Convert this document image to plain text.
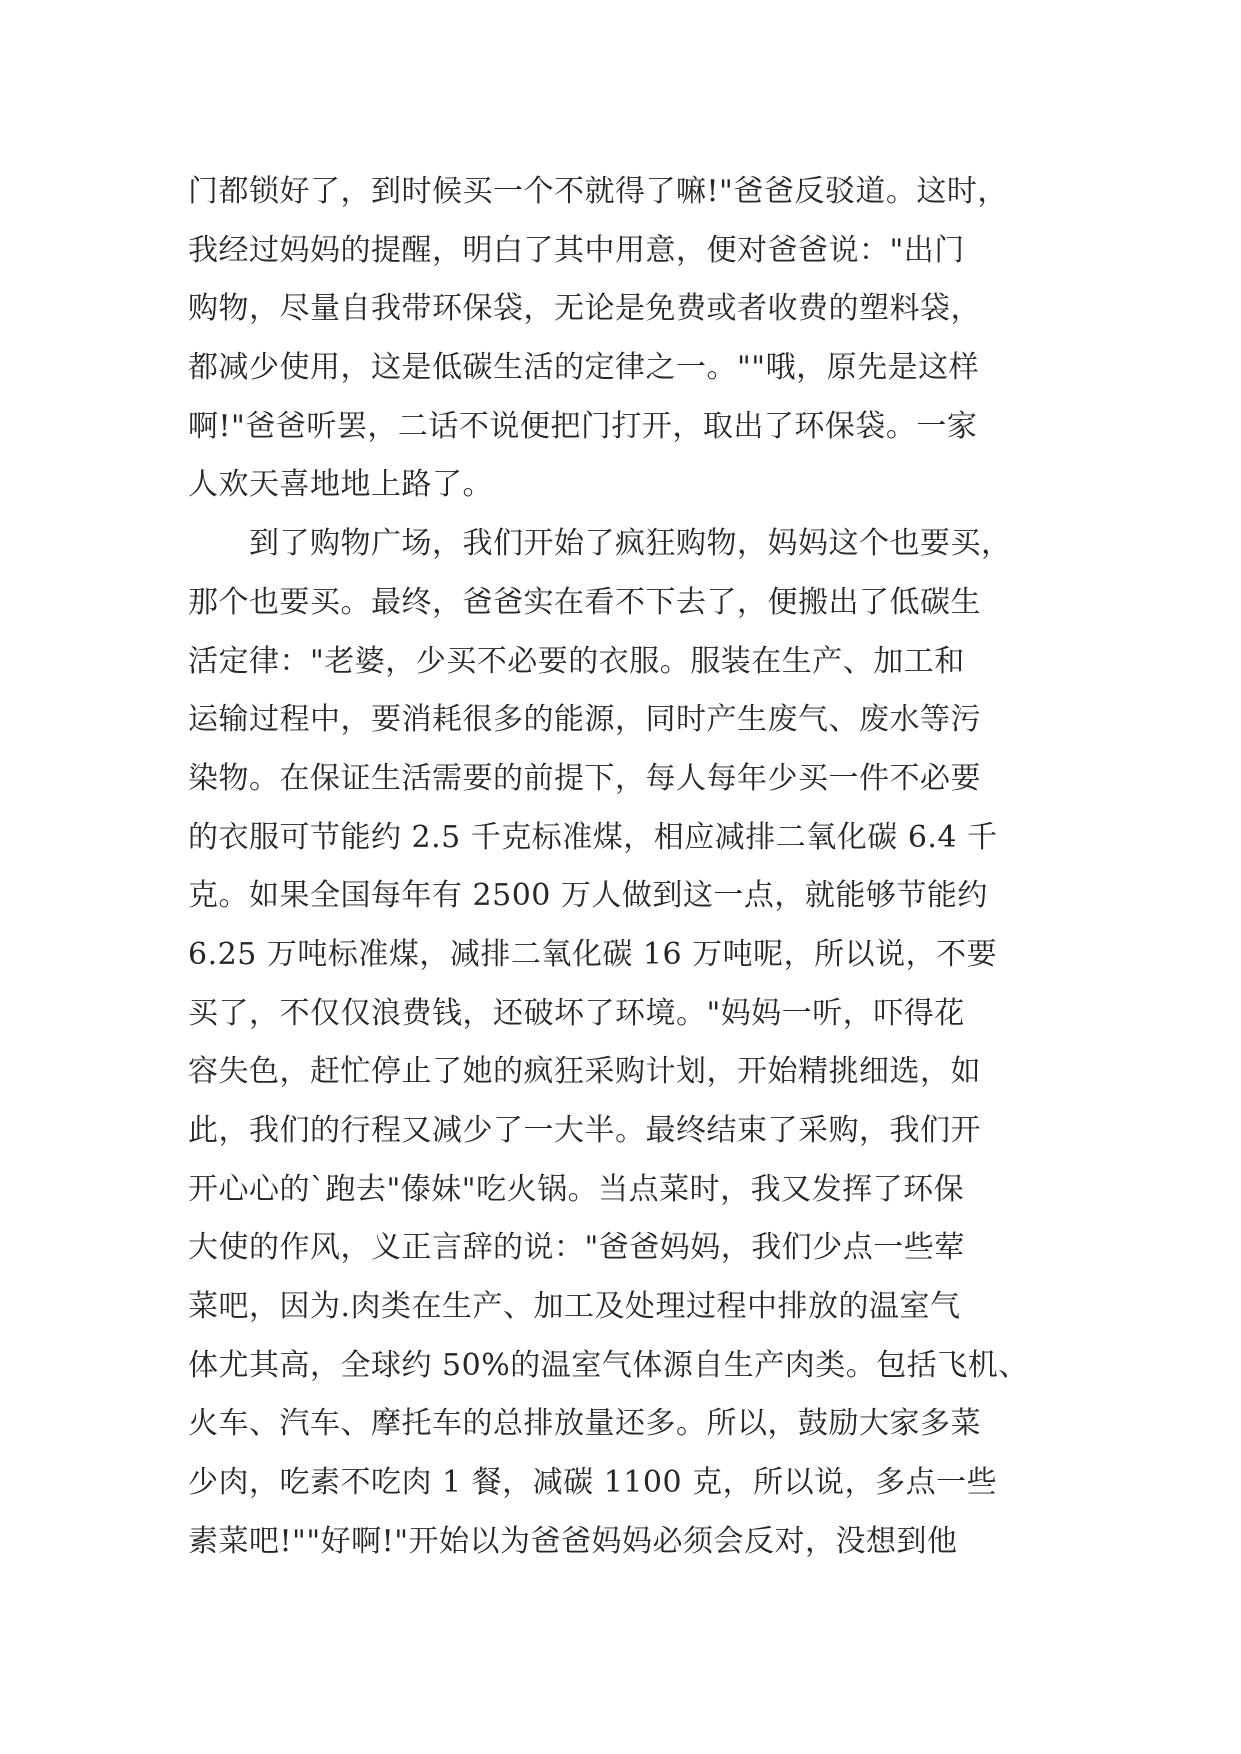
门都锁好了，到时候买一个不就得了嘛!"爸爸反驳道。这时，
我经过妈妈的提醒，明白了其中用意，便对爸爸说："出门
购物，尽量自我带环保袋，无论是免费或者收费的塑料袋，
都减少使用，这是低碳生活的定律之一。""哦，原先是这样
啊!"爸爸听罢，二话不说便把门打开，取出了环保袋。一家
人欢天喜地地上路了。
　　到了购物广场，我们开始了疯狂购物，妈妈这个也要买，
那个也要买。最终，爸爸实在看不下去了，便搬出了低碳生
活定律："老婆，少买不必要的衣服。服装在生产、加工和
运输过程中，要消耗很多的能源，同时产生废气、废水等污
染物。在保证生活需要的前提下，每人每年少买一件不必要
的衣服可节能约 2.5 千克标准煤，相应减排二氧化碳 6.4 千
克。如果全国每年有 2500 万人做到这一点，就能够节能约
6.25 万吨标准煤，减排二氧化碳 16 万吨呢，所以说，不要
买了，不仅仅浪费钱，还破坏了环境。"妈妈一听，吓得花
容失色，赶忙停止了她的疯狂采购计划，开始精挑细选，如
此，我们的行程又减少了一大半。最终结束了采购，我们开
开心心的`跑去"傣妹"吃火锅。当点菜时，我又发挥了环保
大使的作风，义正言辞的说："爸爸妈妈，我们少点一些荤
菜吧，因为.肉类在生产、加工及处理过程中排放的温室气
体尤其高，全球约 50%的温室气体源自生产肉类。包括飞机、
火车、汽车、摩托车的总排放量还多。所以，鼓励大家多菜
少肉，吃素不吃肉 1 餐，减碳 1100 克，所以说，多点一些
素菜吧!""好啊!"开始以为爸爸妈妈必须会反对，没想到他
